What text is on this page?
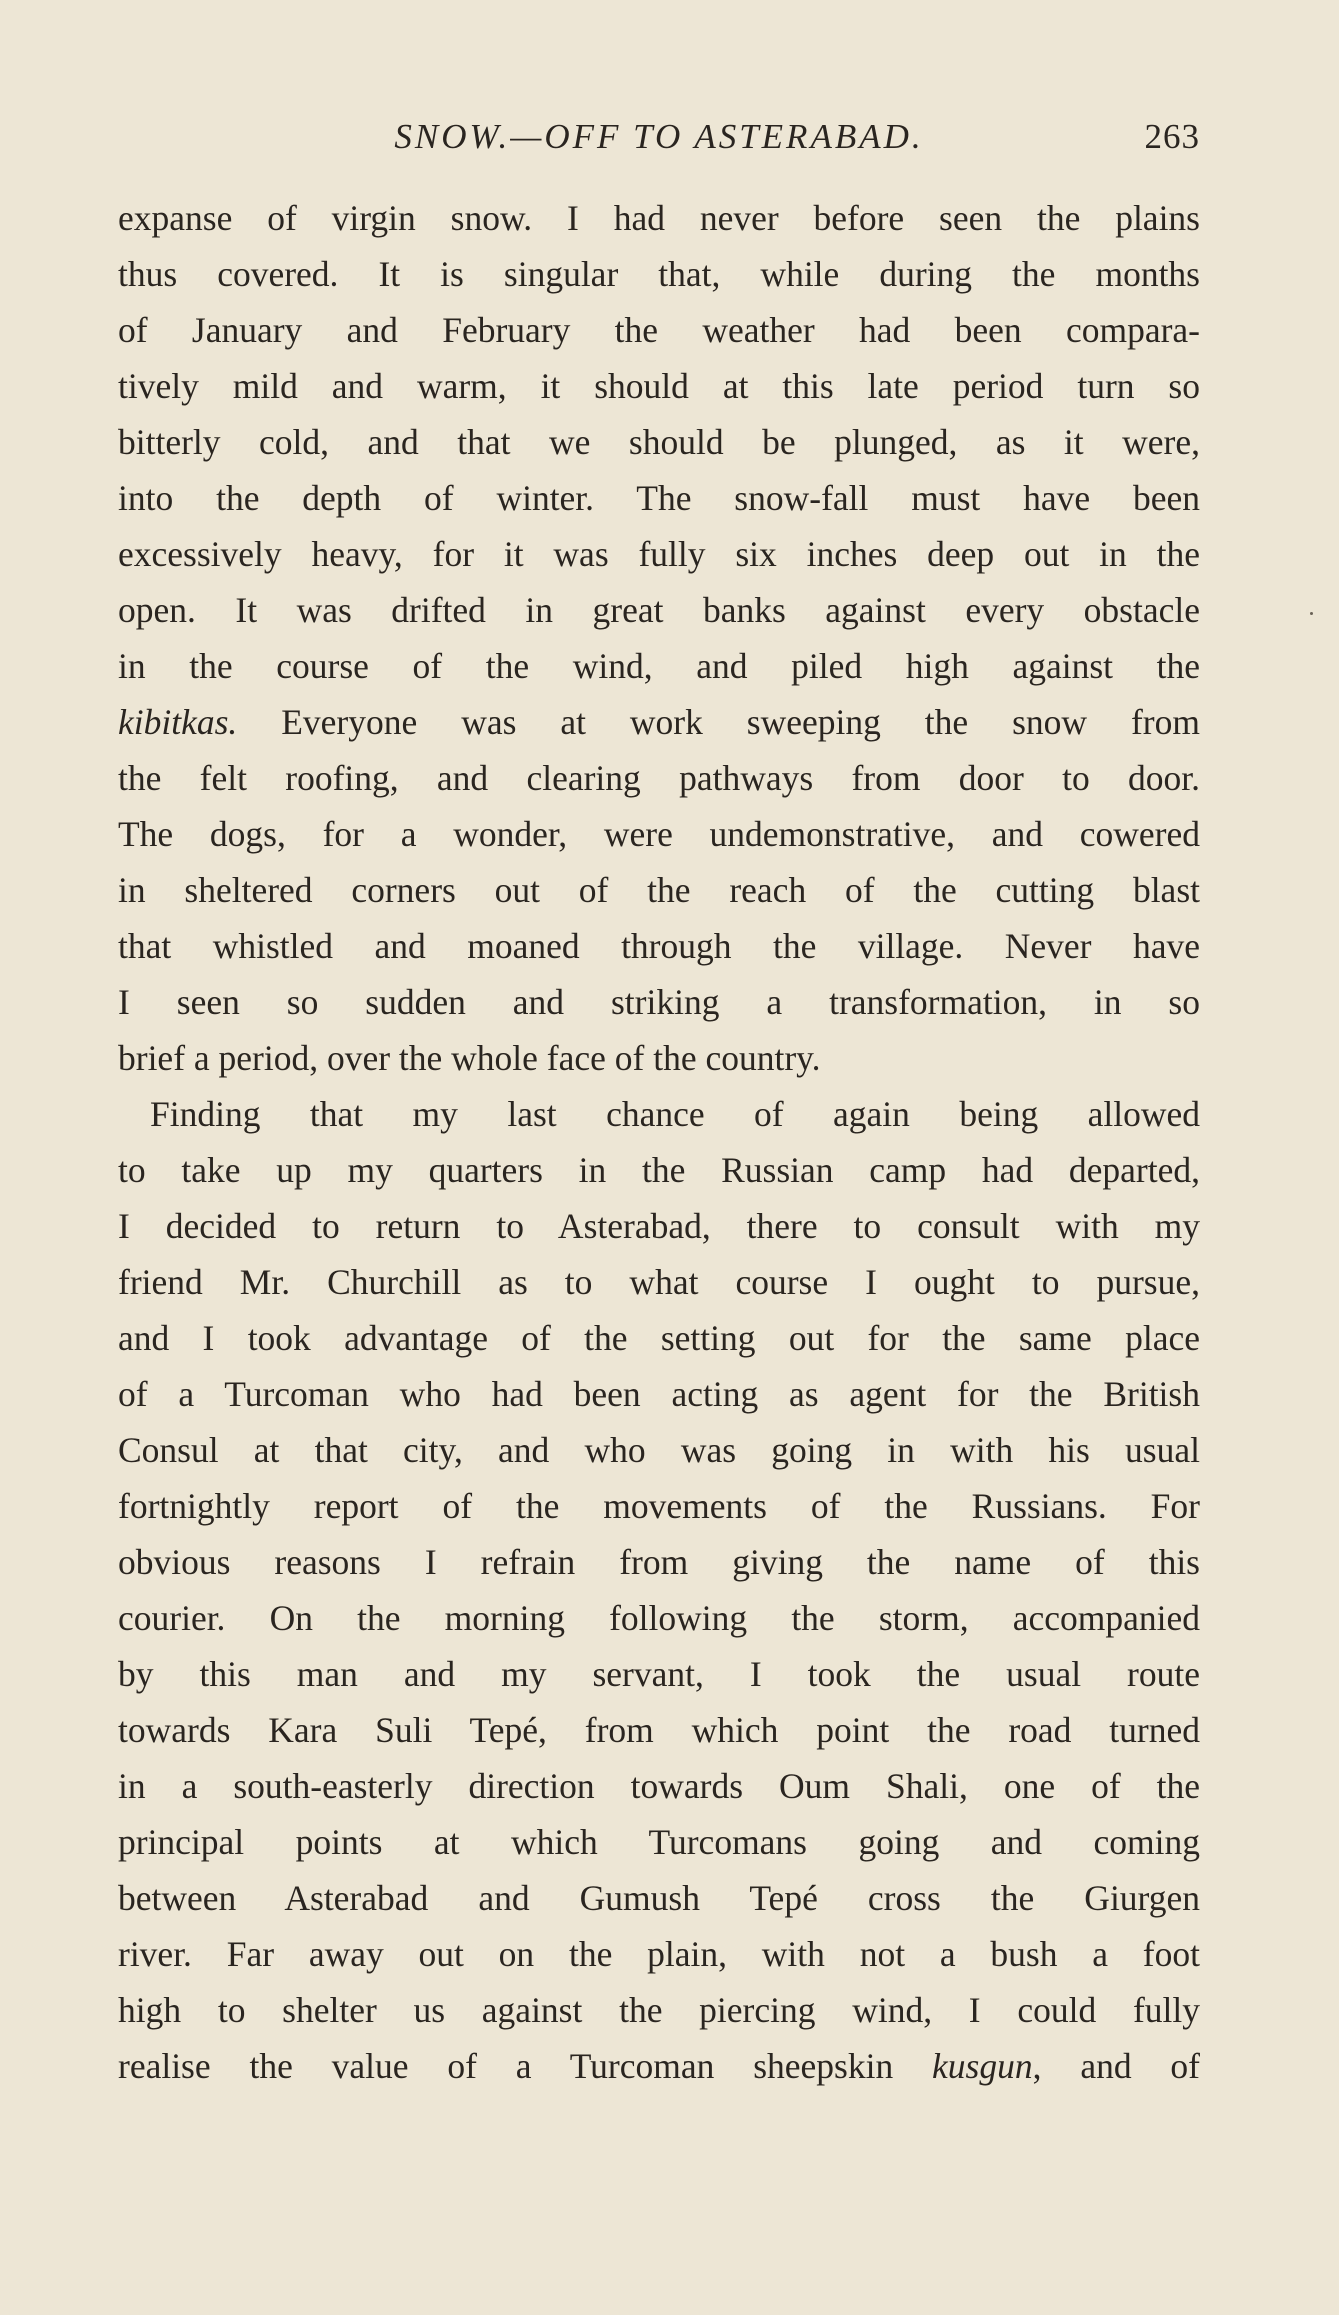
SNOW.—OFF TO ASTERABAD.	263
expanse of virgin snow. I had never before seen the plains
thus covered. It is singular that, while during the months
of January and February the weather had been compara-
tively mild and warm, it should at this late period turn so
bitterly cold, and that we should be plunged, as it were,
into the depth of winter. The snow-fall must have been
excessively heavy, for it was fully six inches deep out in the
open. It was drifted in great banks against every obstacle
in the course of the wind, and piled high against the
kibitkas. Everyone was at work sweeping the snow from
the felt roofing, and clearing pathways from door to door.
The dogs, for a wonder, were undemonstrative, and cowered
in sheltered corners out of the reach of the cutting blast
that whistled and moaned through the village. Never have
I seen so sudden and striking a transformation, in so
brief a period, over the whole face of the country.
Finding that my last chance of again being allowed
to take up my quarters in the Russian camp had departed,
I decided to return to Asterabad, there to consult with my
friend Mr. Churchill as to what course I ought to pursue,
and I took advantage of the setting out for the same place
of a Turcoman who had been acting as agent for the British
Consul at that city, and who was going in with his usual
fortnightly report of the movements of the Russians. For
obvious reasons I refrain from giving the name of this
courier. On the morning following the storm, accompanied
by this man and my servant, I took the usual route
towards Kara Suli Tepé, from which point the road turned
in a south-easterly direction towards Oum Shali, one of the
principal points at which Turcomans going and coming
between Asterabad and Gumush Tepé cross the Giurgen
river. Far away out on the plain, with not a bush a foot
high to shelter us against the piercing wind, I could fully
realise the value of a Turcoman sheepskin kusgun, and of
